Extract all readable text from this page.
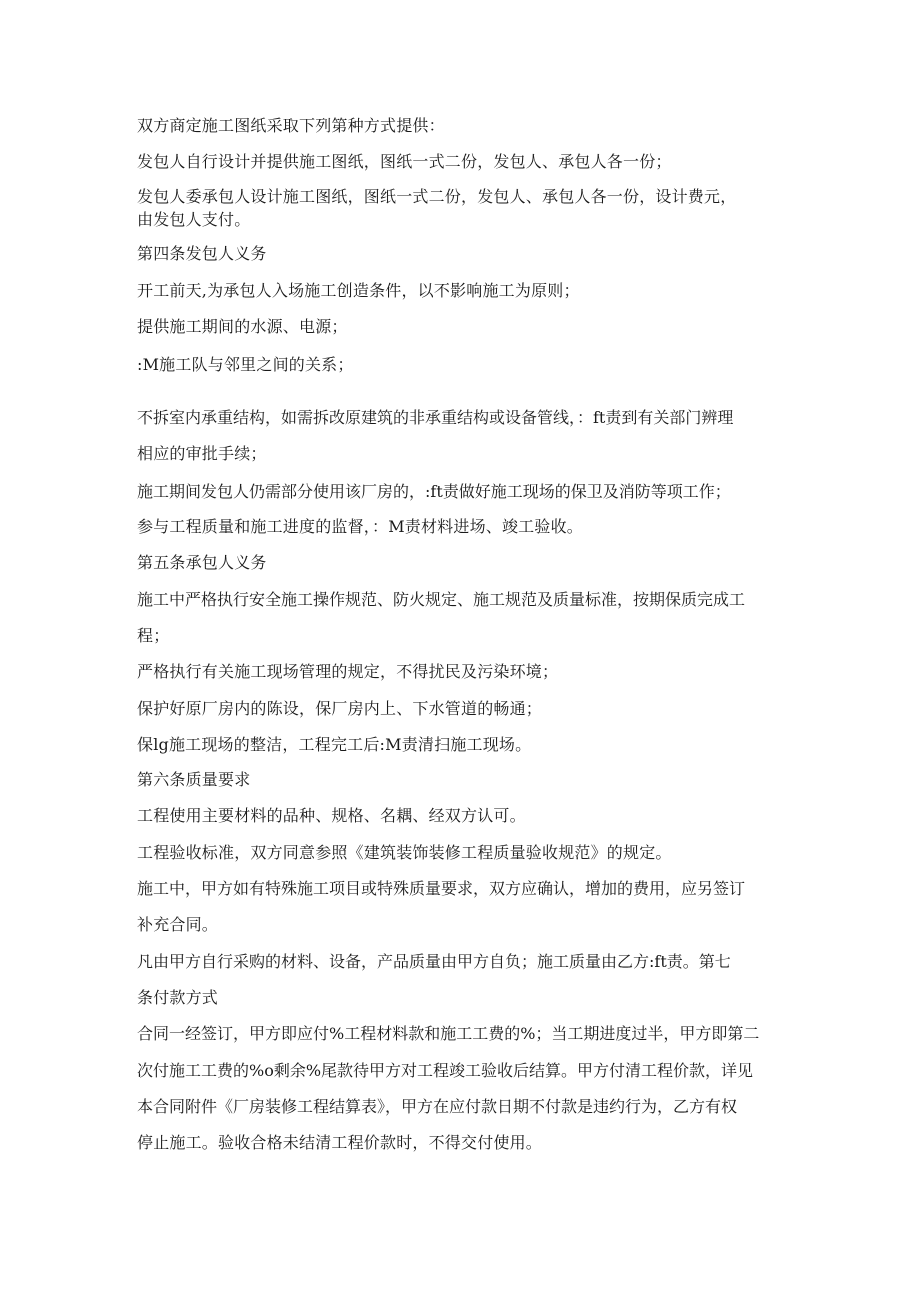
双方商定施工图纸采取下列第种方式提供：
发包人自行设计并提供施工图纸，图纸一式二份，发包人、承包人各一份；
发包人委承包人设计施工图纸，图纸一式二份，发包人、承包人各一份，设计费元，
由发包人支付。
第四条发包人义务
开工前天,为承包人入场施工创造条件，以不影响施工为原则；
提供施工期间的水源、电源；
:M施工队与邻里之间的关系；
不拆室内承重结构，如需拆改原建筑的非承重结构或设备管线，：ft责到有关部门辨理
相应的审批手续；
施工期间发包人仍需部分使用该厂房的，:ft责做好施工现场的保卫及消防等项工作；
参与工程质量和施工进度的监督，：M责材料进场、竣工验收。
第五条承包人义务
施工中严格执行安全施工操作规范、防火规定、施工规范及质量标准，按期保质完成工
程；
严格执行有关施工现场管理的规定，不得扰民及污染环境；
保护好原厂房内的陈设，保厂房内上、下水管道的畅通；
保lg施工现场的整洁，工程完工后:M责清扫施工现场。
第六条质量要求
工程使用主要材料的品种、规格、名耦、经双方认可。
工程验收标准，双方同意参照《建筑装饰装修工程质量验收规范》的规定。
施工中，甲方如有特殊施工项目或特殊质量要求，双方应确认，增加的费用，应另签订
补充合同。
凡由甲方自行采购的材料、设备，产品质量由甲方自负；施工质量由乙方:ft责。第七
条付款方式
合同一经签订，甲方即应付%工程材料款和施工工费的%；当工期进度过半，甲方即第二
次付施工工费的%o剩余%尾款待甲方对工程竣工验收后结算。甲方付清工程价款，详见
本合同附件《厂房装修工程结算表》，甲方在应付款日期不付款是违约行为，乙方有权
停止施工。验收合格未结清工程价款时，不得交付使用。
